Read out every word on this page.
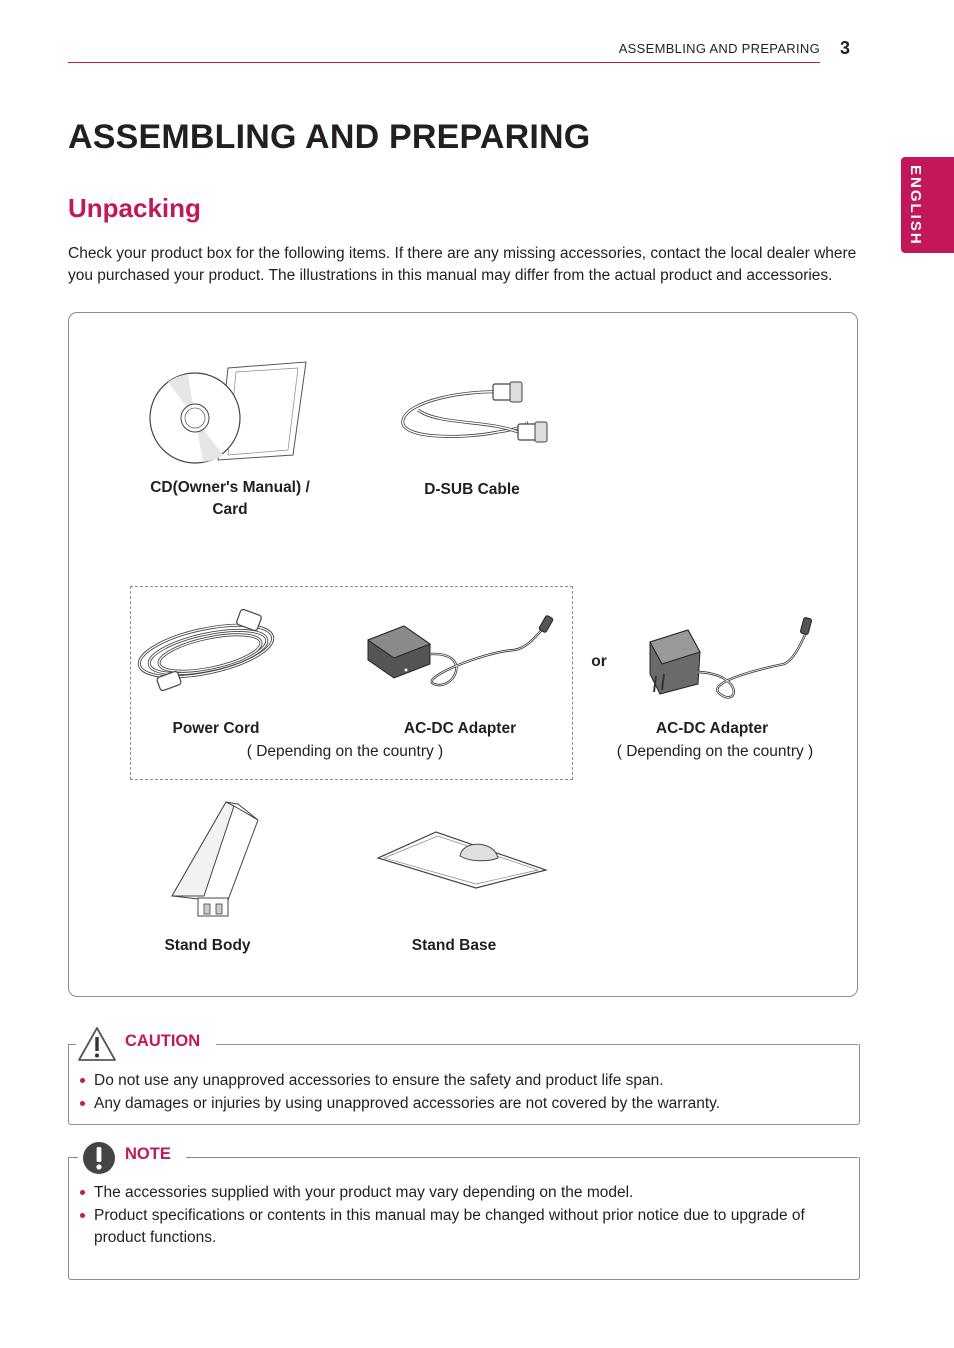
ASSEMBLING AND PREPARING 3
ENGLISH
ASSEMBLING AND PREPARING
Unpacking

Check your product box for the following items. If there are any missing accessories, contact the local dealer where you purchased your product. The illustrations in this manual may differ from the actual product and accessories.

CD(Owner's Manual) /
Card
D-SUB Cable
Power Cord	AC-DC Adapter
( Depending on the country )
or
AC-DC Adapter
( Depending on the country )
Stand Body	Stand Base
CAUTION
Do not use any unapproved accessories to ensure the safety and product life span.
Any damages or injuries by using unapproved accessories are not covered by the warranty.
NOTE
The accessories supplied with your product may vary depending on the model.
Product specifications or contents in this manual may be changed without prior notice due to upgrade of product functions.
